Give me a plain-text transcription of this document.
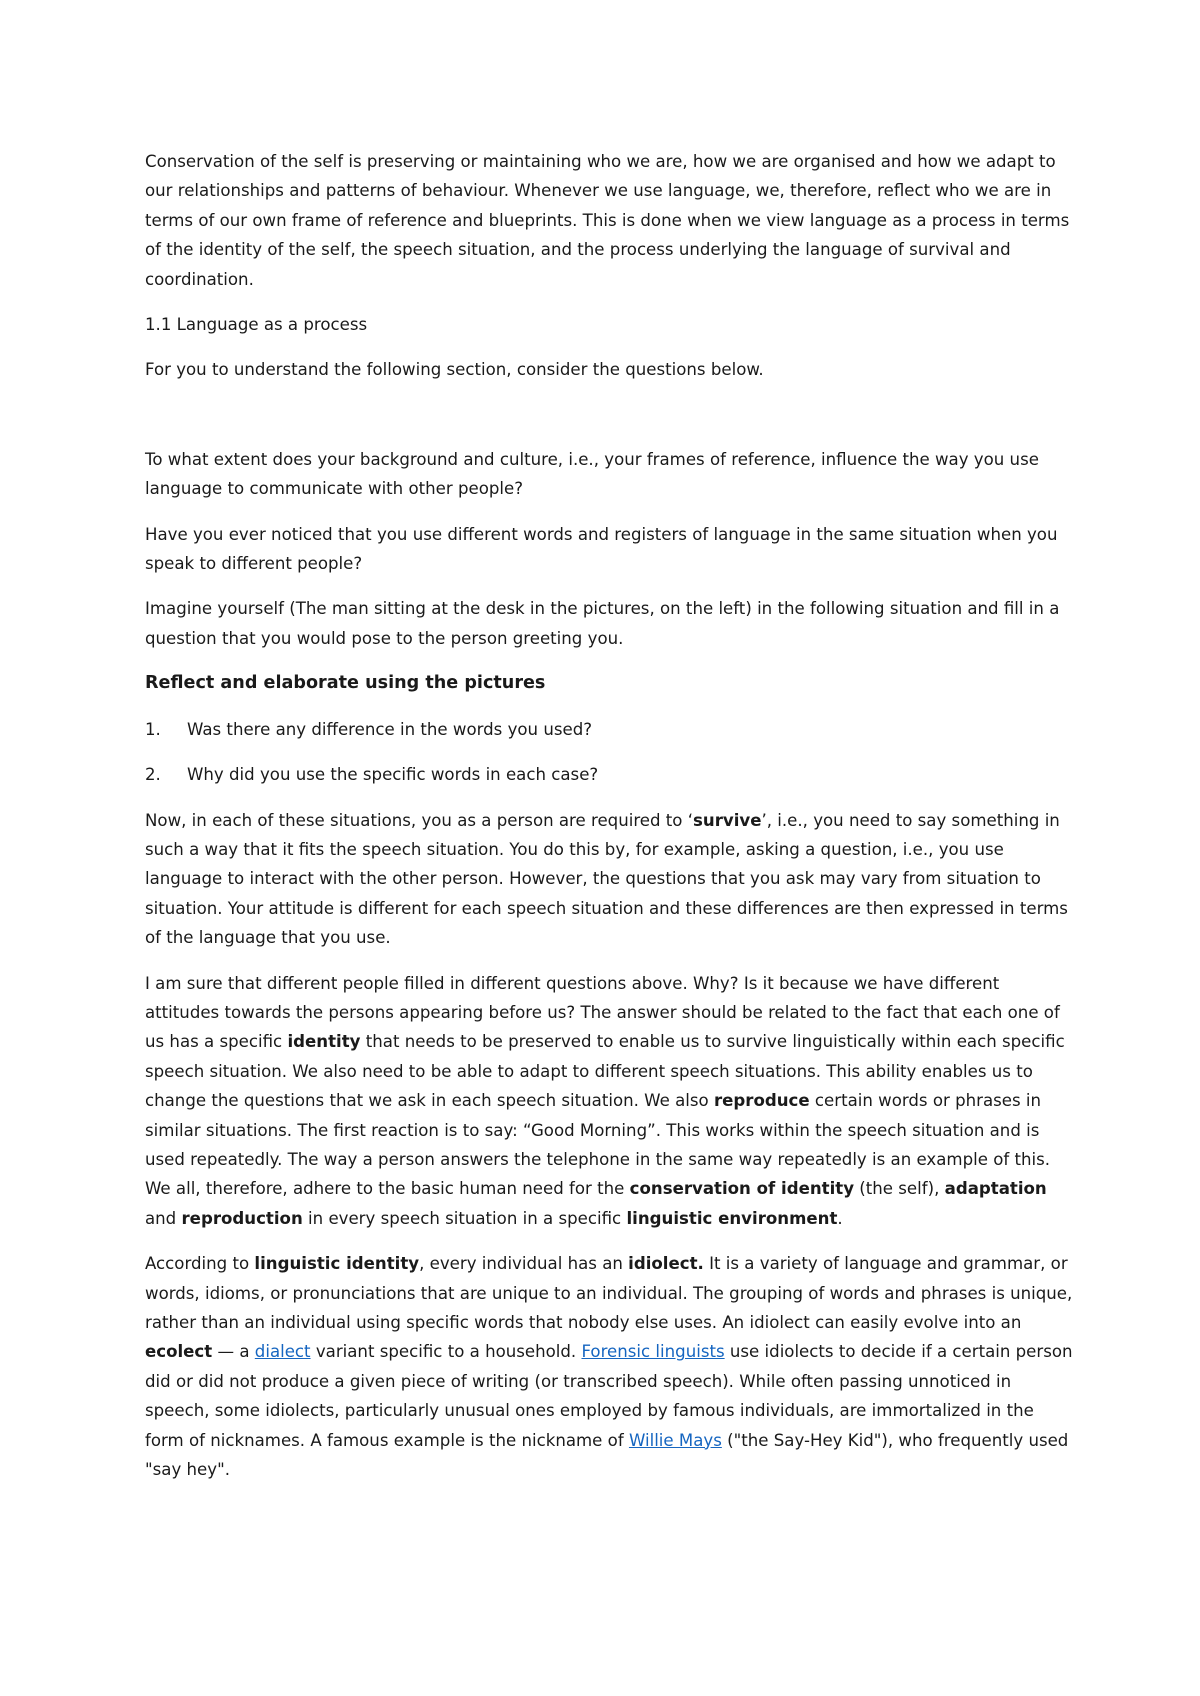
Conservation of the self is preserving or maintaining who we are, how we are organised and how we adapt to our relationships and patterns of behaviour. Whenever we use language, we, therefore, reflect who we are in terms of our own frame of reference and blueprints. This is done when we view language as a process in terms of the identity of the self, the speech situation, and the process underlying the language of survival and coordination.

1.1 Language as a process

For you to understand the following section, consider the questions below.

To what extent does your background and culture, i.e., your frames of reference, influence the way you use language to communicate with other people?

Have you ever noticed that you use different words and registers of language in the same situation when you speak to different people?

Imagine yourself (The man sitting at the desk in the pictures, on the left) in the following situation and fill in a question that you would pose to the person greeting you.

Reflect and elaborate using the pictures
1.	Was there any difference in the words you used?
2.	Why did you use the specific words in each case?

Now, in each of these situations, you as a person are required to ‘survive’, i.e., you need to say something in such a way that it fits the speech situation. You do this by, for example, asking a question, i.e., you use language to interact with the other person. However, the questions that you ask may vary from situation to situation. Your attitude is different for each speech situation and these differences are then expressed in terms of the language that you use.

I am sure that different people filled in different questions above. Why? Is it because we have different attitudes towards the persons appearing before us? The answer should be related to the fact that each one of us has a specific identity that needs to be preserved to enable us to survive linguistically within each specific speech situation. We also need to be able to adapt to different speech situations. This ability enables us to change the questions that we ask in each speech situation. We also reproduce certain words or phrases in similar situations. The first reaction is to say: “Good Morning”. This works within the speech situation and is used repeatedly. The way a person answers the telephone in the same way repeatedly is an example of this. We all, therefore, adhere to the basic human need for the conservation of identity (the self), adaptation and reproduction in every speech situation in a specific linguistic environment.

According to linguistic identity, every individual has an idiolect. It is a variety of language and grammar, or words, idioms, or pronunciations that are unique to an individual. The grouping of words and phrases is unique, rather than an individual using specific words that nobody else uses. An idiolect can easily evolve into an ecolect — a dialect variant specific to a household. Forensic linguists use idiolects to decide if a certain person did or did not produce a given piece of writing (or transcribed speech). While often passing unnoticed in speech, some idiolects, particularly unusual ones employed by famous individuals, are immortalized in the form of nicknames. A famous example is the nickname of Willie Mays ("the Say-Hey Kid"), who frequently used "say hey".
